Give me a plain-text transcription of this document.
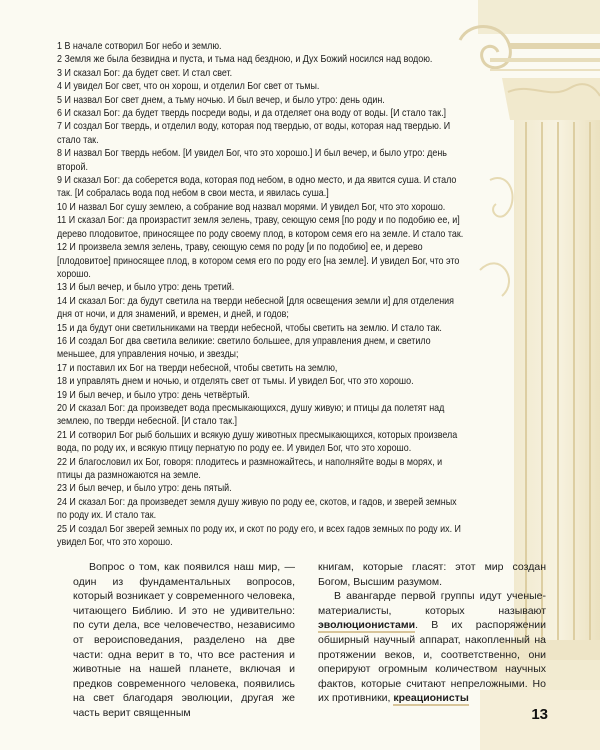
1 В начале сотворил Бог небо и землю.

2 Земля же была безвидна и пуста, и тьма над бездною, и Дух Божий носился над водою.

3 И сказал Бог: да будет свет. И стал свет.

4 И увидел Бог свет, что он хорош, и отделил Бог свет от тьмы.

5 И назвал Бог свет днем, а тьму ночью. И был вечер, и было утро: день один.

6 И сказал Бог: да будет твердь посреди воды, и да отделяет она воду от воды. [И стало так.]

7 И создал Бог твердь, и отделил воду, которая под твердью, от воды, которая над твердью. И стало так.

8 И назвал Бог твердь небом. [И увидел Бог, что это хорошо.] И был вечер, и было утро: день второй.

9 И сказал Бог: да соберется вода, которая под небом, в одно место, и да явится суша. И стало так. [И собралась вода под небом в свои места, и явилась суша.]

10 И назвал Бог сушу землею, а собрание вод назвал морями. И увидел Бог, что это хорошо.

11 И сказал Бог: да произрастит земля зелень, траву, сеющую семя [по роду и по подобию ее, и] дерево плодовитое, приносящее по роду своему плод, в котором семя его на земле. И стало так.

12 И произвела земля зелень, траву, сеющую семя по роду [и по подобию] ее, и дерево [плодовитое] приносящее плод, в котором семя его по роду его [на земле]. И увидел Бог, что это хорошо.

13 И был вечер, и было утро: день третий.

14 И сказал Бог: да будут светила на тверди небесной [для освещения земли и] для отделения дня от ночи, и для знамений, и времен, и дней, и годов;

15 и да будут они светильниками на тверди небесной, чтобы светить на землю. И стало так.

16 И создал Бог два светила великие: светило большее, для управления днем, и светило меньшее, для управления ночью, и звезды;

17 и поставил их Бог на тверди небесной, чтобы светить на землю,

18 и управлять днем и ночью, и отделять свет от тьмы. И увидел Бог, что это хорошо.

19 И был вечер, и было утро: день четвёртый.

20 И сказал Бог: да произведет вода пресмыкающихся, душу живую; и птицы да полетят над землею, по тверди небесной. [И стало так.]

21 И сотворил Бог рыб больших и всякую душу животных пресмыкающихся, которых произвела вода, по роду их, и всякую птицу пернатую по роду ее. И увидел Бог, что это хорошо.

22 И благословил их Бог, говоря: плодитесь и размножайтесь, и наполняйте воды в морях, и птицы да размножаются на земле.

23 И был вечер, и было утро: день пятый.

24 И сказал Бог: да произведет земля душу живую по роду ее, скотов, и гадов, и зверей земных по роду их. И стало так.

25 И создал Бог зверей земных по роду их, и скот по роду его, и всех гадов земных по роду их. И увидел Бог, что это хорошо.

Вопрос о том, как появился наш мир, — один из фундаментальных вопросов, который возникает у современного человека, читающего Библию. И это не удивительно: по сути дела, все человечество, независимо от вероисповедания, разделено на две части: одна верит в то, что все растения и животные на нашей планете, включая и предков современного человека, появились на свет благодаря эволюции, другая же часть верит священным

книгам, которые гласят: этот мир создан Богом, Высшим разумом.

В авангарде первой группы идут ученые-материалисты, которых называют эволюционистами. В их распоряжении обширный научный аппарат, накопленный на протяжении веков, и, соответственно, они оперируют огромным количеством научных фактов, которые считают непреложными. Но их противники, креационисты

13
